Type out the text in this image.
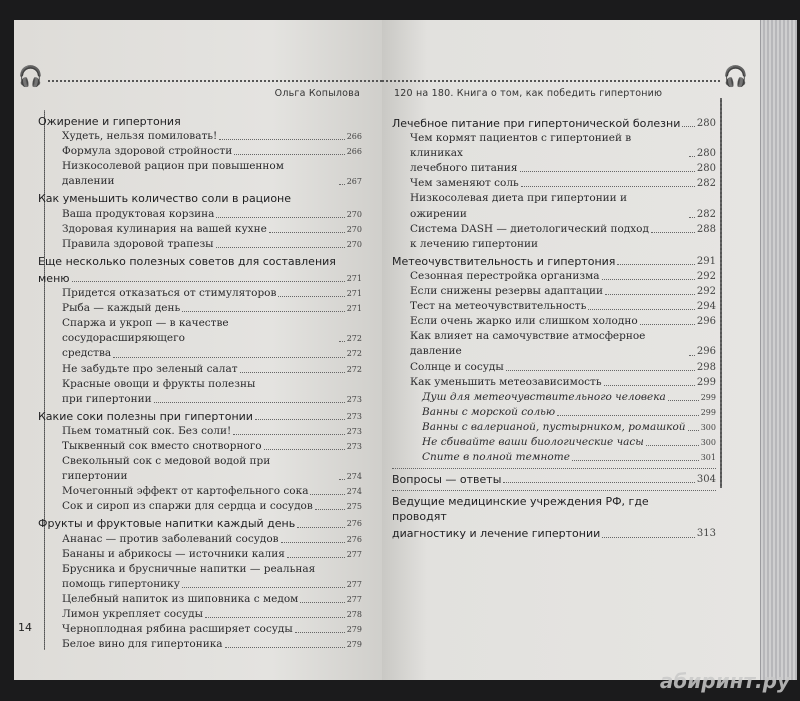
🎧
Ольга Копылова
Ожирение и гипертония
Худеть, нельзя помиловать!	266
Формула здоровой стройности	266
Низкосолевой рацион при повышенном давлении	267
Как уменьшить количество соли в рационе
Ваша продуктовая корзина	270
Здоровая кулинария на вашей кухне	270
Правила здоровой трапезы	270
Еще несколько полезных советов для составления
меню	271
Придется отказаться от стимуляторов	271
Рыба — каждый день	271
Спаржа и укроп — в качестве сосудорасширяющего	272
средства	272
Не забудьте про зеленый салат	272
Красные овощи и фрукты полезны
при гипертонии	273
Какие соки полезны при гипертонии	273
Пьем томатный сок. Без соли!	273
Тыквенный сок вместо снотворного	273
Свекольный сок с медовой водой при гипертонии	274
Мочегонный эффект от картофельного сока	274
Сок и сироп из спаржи для сердца и сосудов	275
Фрукты и фруктовые напитки каждый день	276
Ананас — против заболеваний сосудов	276
Бананы и абрикосы — источники калия	277
Брусника и брусничные напитки — реальная
помощь гипертонику	277
Целебный напиток из шиповника с медом	277
Лимон укрепляет сосуды	278
Черноплодная рябина расширяет сосуды	279
Белое вино для гипертоника	279
14
🎧
120 на 180. Книга о том, как победить гипертонию
Лечебное питание при гипертонической болезни 280
Чем кормят пациентов с гипертонией в клиниках	280
лечебного питания	280
Чем заменяют соль	282
Низкосолевая диета при гипертонии и ожирении	282
Система DASH — диетологический подход	288
к лечению гипертонии
Метеочувствительность и гипертония	291
Сезонная перестройка организма	292
Если снижены резервы адаптации	292
Тест на метеочувствительность	294
Если очень жарко или слишком холодно	296
Как влияет на самочувствие атмосферное давление	296
Солнце и сосуды	298
Как уменьшить метеозависимость	299
Душ для метеочувствительного человека	299
Ванны с морской солью	299
Ванны с валерианой, пустырником, ромашкой 300
Не сбивайте ваши биологические часы	300
Спите в полной темноте	301
Вопросы — ответы	304
Ведущие медицинские учреждения РФ, где проводят
диагностику и лечение гипертонии	313
абиринт.ру
